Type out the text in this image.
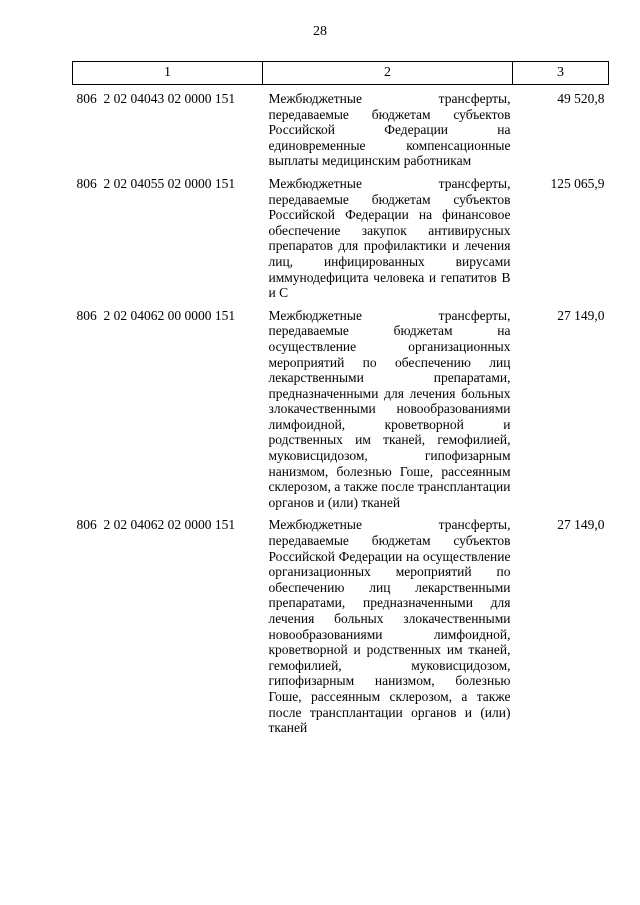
28
1	2	3
806  2 02 04043 02 0000 151	Межбюджетные трансферты, передаваемые бюджетам субъектов Российской Федерации на единовременные компенсационные выплаты медицинским работникам	49 520,8
806  2 02 04055 02 0000 151	Межбюджетные трансферты, передаваемые бюджетам субъектов Российской Федерации на финансовое обеспечение закупок антивирусных препаратов для профилактики и лечения лиц, инфицированных вирусами иммунодефицита человека и гепатитов В и С	125 065,9
806  2 02 04062 00 0000 151	Межбюджетные трансферты, передаваемые бюджетам на осуществление организационных мероприятий по обеспечению лиц лекарственными препаратами, предназначенными для лечения больных злокачественными новообразованиями лимфоидной, кроветворной и родственных им тканей, гемофилией, муковисцидозом, гипофизарным нанизмом, болезнью Гоше, рассеянным склерозом, а также после трансплантации органов и (или) тканей	27 149,0
806  2 02 04062 02 0000 151	Межбюджетные трансферты, передаваемые бюджетам субъектов Российской Федерации на осуществление организационных мероприятий по обеспечению лиц лекарственными препаратами, предназначенными для лечения больных злокачественными новообразованиями лимфоидной, кроветворной и родственных им тканей, гемофилией, муковисцидозом, гипофизарным нанизмом, болезнью Гоше, рассеянным склерозом, а также после трансплантации органов и (или) тканей	27 149,0
